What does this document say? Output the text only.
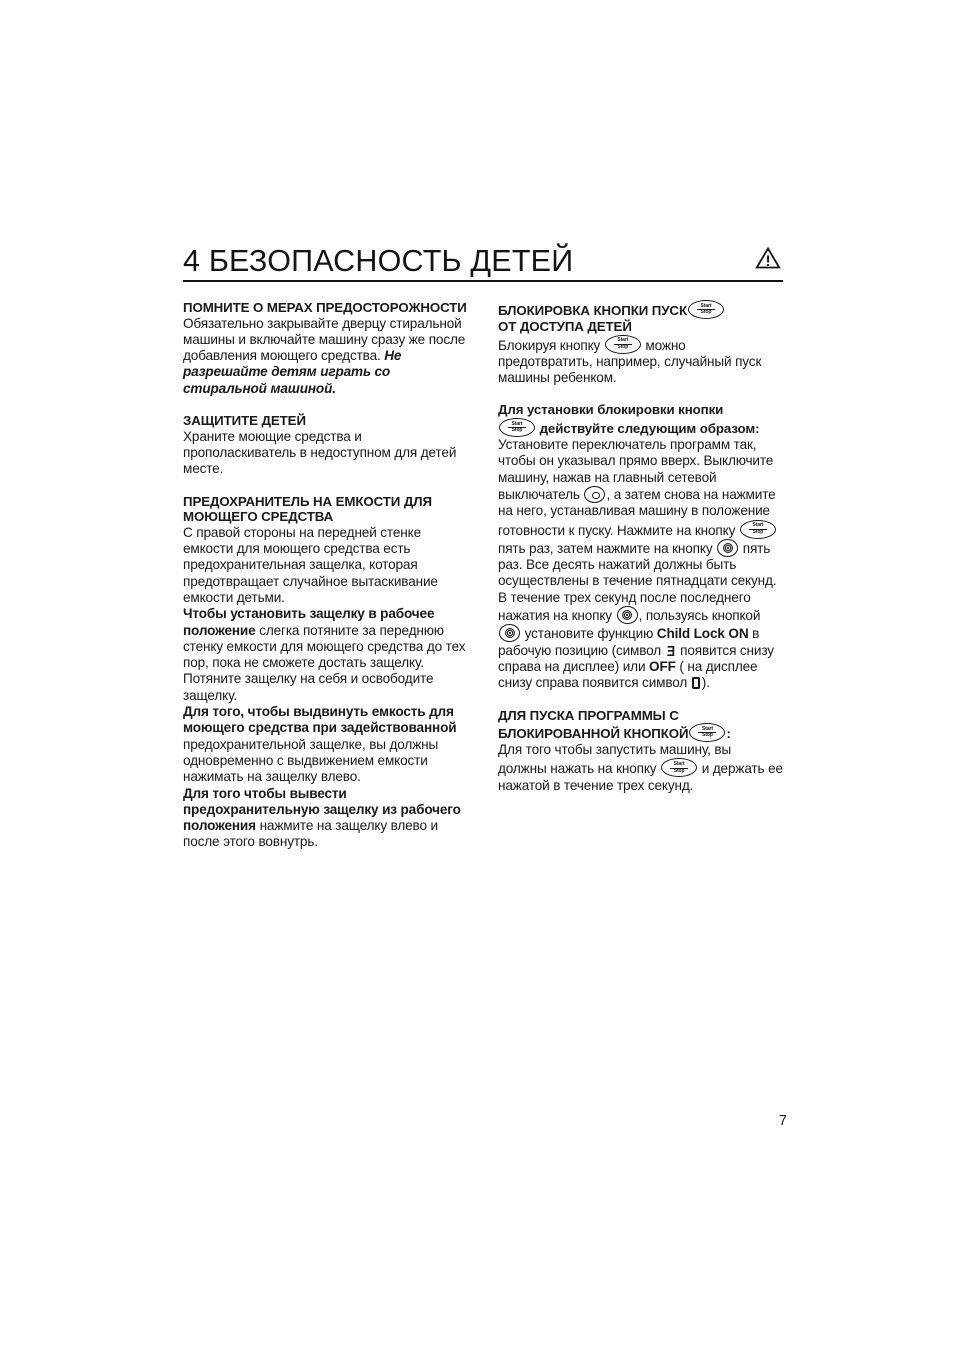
4 БЕЗОПАСНОСТЬ ДЕТЕЙ
ПОМНИТЕ О МЕРАХ ПРЕДОСТОРОЖНОСТИ

Обязательно закрывайте дверцу стиральной машины и включайте машину сразу же после добавления моющего средства. Не разрешайте детям играть со стиральной машиной.

ЗАЩИТИТЕ ДЕТЕЙ

Храните моющие средства и прополаскиватель в недоступном для детей месте.

ПРЕДОХРАНИТЕЛЬ НА ЕМКОСТИ ДЛЯ МОЮЩЕГО СРЕДСТВА

С правой стороны на передней стенке емкости для моющего средства есть предохранительная защелка, которая предотвращает случайное вытаскивание емкости детьми.

Чтобы установить защелку в рабочее положение слегка потяните за переднюю стенку емкости для моющего средства до тех пор, пока не сможете достать защелку. Потяните защелку на себя и освободите защелку.

Для того, чтобы выдвинуть емкость для моющего средства при задействованной предохранительной защелке, вы должны одновременно с выдвижением емкости нажимать на защелку влево.

Для того чтобы вывести предохранительную защелку из рабочего положения нажмите на защелку влево и после этого вовнутрь.

БЛОКИРОВКА КНОПКИ ПУСК	Start
Stop

ОТ ДОСТУПА ДЕТЕЙ

Блокируя кнопку	Start
Stop	можно предотвратить, например, случайный пуск машины ребенком.

Для установки блокировки кнопки

Start
Stop	действуйте следующим образом:

Установите переключатель программ так, чтобы он указывал прямо вверх. Выключите машину, нажав на главный сетевой выключатель , а затем снова на нажмите на него, устанавливая машину в положение готовности к пуску. Нажмите на кнопку	Start
Stop
пять раз, затем нажмите на кнопку
пять раз. Все десять нажатий должны быть осуществлены в течение пятнадцати секунд.

В течение трех секунд после последнего нажатия на кнопку
, пользуясь кнопкой
установите функцию Child Lock ON в рабочую позицию (символ Ǝ появится снизу справа на дисплее) или OFF ( на дисплее снизу справа появится символ ).

ДЛЯ ПУСКА ПРОГРАММЫ С
БЛОКИРОВАННОЙ КНОПКОЙ	Start
Stop	:

Для того чтобы запустить машину, вы должны нажать на кнопку	Start
Stop	и держать ее нажатой в течение трех секунд.

7
